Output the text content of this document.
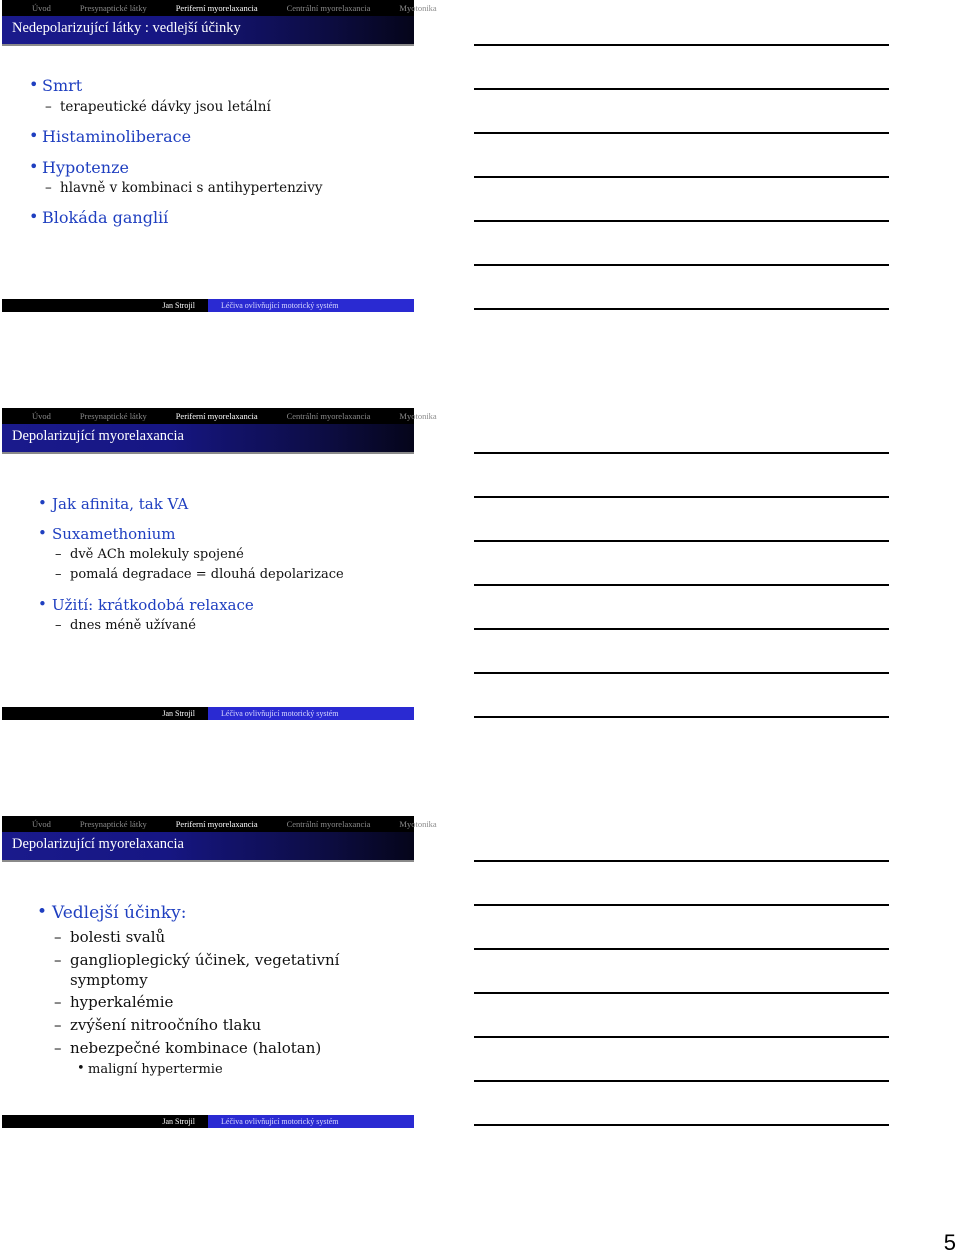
Úvod	Presynaptické látky	Periferní myorelaxancia	Centrální myorelaxancia	Myotonika
Nedepolarizující látky : vedlejší účinky
• Smrt
– terapeutické dávky jsou letální
• Histaminoliberace
• Hypotenze
– hlavně v kombinaci s antihypertenzivy
• Blokáda ganglií
Jan Strojil	Léčiva ovlivňující motorický systém
Úvod	Presynaptické látky	Periferní myorelaxancia	Centrální myorelaxancia	Myotonika
Depolarizující myorelaxancia
• Jak afinita, tak VA
• Suxamethonium
– dvě ACh molekuly spojené
– pomalá degradace = dlouhá depolarizace
• Užití: krátkodobá relaxace
– dnes méně užívané
Jan Strojil	Léčiva ovlivňující motorický systém
Úvod	Presynaptické látky	Periferní myorelaxancia	Centrální myorelaxancia	Myotonika
Depolarizující myorelaxancia
• Vedlejší účinky:
– bolesti svalů
– ganglioplegický účinek, vegetativní
symptomy
– hyperkalémie
– zvýšení nitroočního tlaku
– nebezpečné kombinace (halotan)
• maligní hypertermie
Jan Strojil	Léčiva ovlivňující motorický systém
5
